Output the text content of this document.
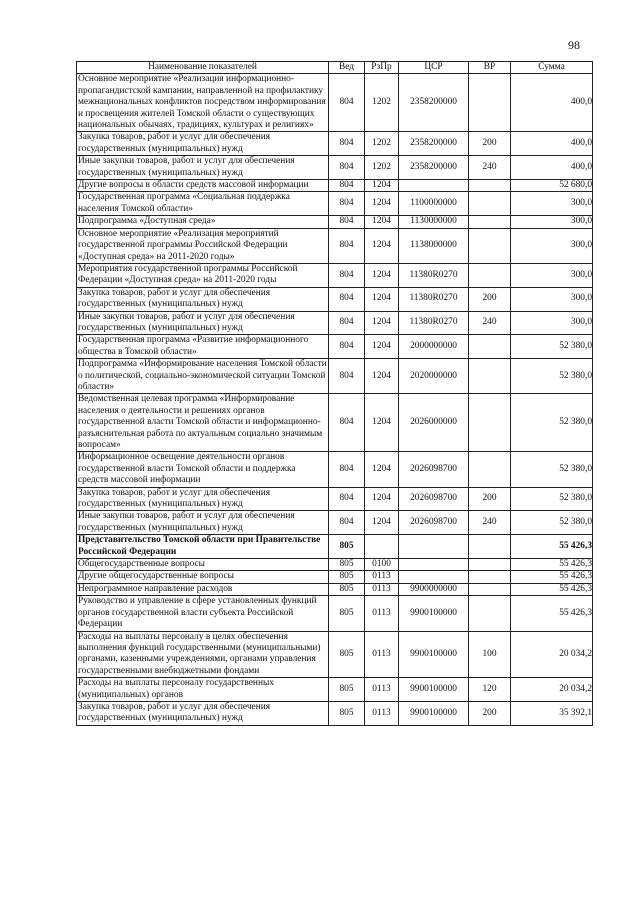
98
Наименование показателей	Вед	РзПр	ЦСР	ВР	Сумма
Основное мероприятие «Реализация информационно-пропагандистской кампании, направленной на профилактику межнациональных конфликтов посредством информирования и просвещения жителей Томской области о существующих национальных обычаях, традициях, культурах и религиях»	804	1202	2358200000		400,0
Закупка товаров, работ и услуг для обеспечения государственных (муниципальных) нужд	804	1202	2358200000	200	400,0
Иные закупки товаров, работ и услуг для обеспечения государственных (муниципальных) нужд	804	1202	2358200000	240	400,0
Другие вопросы в области средств массовой информации	804	1204			52 680,0
Государственная программа «Социальная поддержка населения Томской области»	804	1204	1100000000		300,0
Подпрограмма «Доступная среда»	804	1204	1130000000		300,0
Основное мероприятие «Реализация мероприятий государственной программы Российской Федерации «Доступная среда» на 2011-2020 годы»	804	1204	1138000000		300,0
Мероприятия государственной программы Российской Федерации «Доступная среда» на 2011-2020 годы	804	1204	11380R0270		300,0
Закупка товаров, работ и услуг для обеспечения государственных (муниципальных) нужд	804	1204	11380R0270	200	300,0
Иные закупки товаров, работ и услуг для обеспечения государственных (муниципальных) нужд	804	1204	11380R0270	240	300,0
Государственная программа «Развитие информационного общества в Томской области»	804	1204	2000000000		52 380,0
Подпрограмма «Информирование населения Томской области о политической, социально-экономической ситуации Томской области»	804	1204	2020000000		52 380,0
Ведомственная целевая программа «Информирование населения о деятельности и решениях органов государственной власти Томской области и информационно-разъяснительная работа по актуальным социально значимым вопросам»	804	1204	2026000000		52 380,0
Информационное освещение деятельности органов государственной власти Томской области и поддержка средств массовой информации	804	1204	2026098700		52 380,0
Закупка товаров, работ и услуг для обеспечения государственных (муниципальных) нужд	804	1204	2026098700	200	52 380,0
Иные закупки товаров, работ и услуг для обеспечения государственных (муниципальных) нужд	804	1204	2026098700	240	52 380,0
Представительство Томской области при Правительстве Российской Федерации	805				55 426,3
Общегосударственные вопросы	805	0100			55 426,3
Другие общегосударственные вопросы	805	0113			55 426,3
Непрограммное направление расходов	805	0113	9900000000		55 426,3
Руководство и управление в сфере установленных функций органов государственной власти субъекта Российской Федерации	805	0113	9900100000		55 426,3
Расходы на выплаты персоналу в целях обеспечения выполнения функций государственными (муниципальными) органами, казенными учреждениями, органами управления государственными внебюджетными фондами	805	0113	9900100000	100	20 034,2
Расходы на выплаты персоналу государственных (муниципальных) органов	805	0113	9900100000	120	20 034,2
Закупка товаров, работ и услуг для обеспечения государственных (муниципальных) нужд	805	0113	9900100000	200	35 392,1
